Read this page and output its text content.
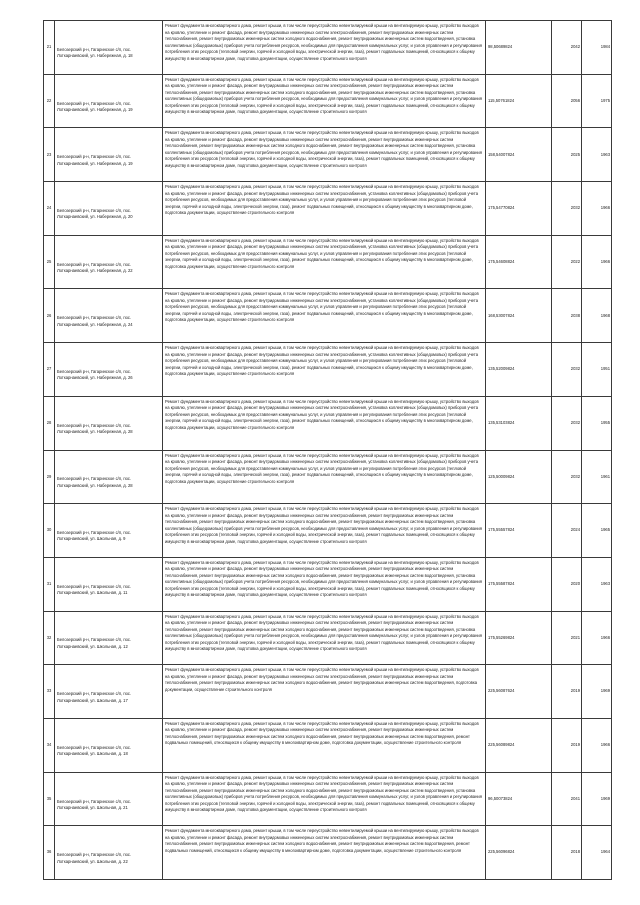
21	Белозерский р-н, Гагаринское с/п, пос. Лоткарнаевский, ул. Набережная, д. 18	Ремонт фундамента многоквартирного дома, ремонт крыши, в том числе переустройство невентилируемой крыши на вентилируемую крышу, устройство выходов на кровлю, утепление и ремонт фасада, ремонт внутридомовых инженерных систем электроснабжения, ремонт внутридомовых инженерных систем теплоснабжения, ремонт внутридомовых инженерных систем холодного водоснабжения, ремонт внутридомовых инженерных систем водоотведения, установка коллективных (общедомовых) приборов учета потребления ресурсов, необходимых для предоставления коммунальных услуг, и узлов управления и регулирования потребления этих ресурсов (тепловой энергии, горячей и холодной воды, электрической энергии, газа), ремонт подвальных помещений, относящихся к общему имуществу в многоквартирном доме, подготовка документации, осуществление строительного контроля	98,50689824	2042	1984
22	Белозерский р-н, Гагаринское с/п, пос. Лоткарнаевский, ул. Набережная, д. 19	Ремонт фундамента многоквартирного дома, ремонт крыши, в том числе переустройство невентилируемой крыши на вентилируемую крышу, устройство выходов на кровлю, утепление и ремонт фасада, ремонт внутридомовых инженерных систем электроснабжения, ремонт внутридомовых инженерных систем теплоснабжения, ремонт внутридомовых инженерных систем холодного водоснабжения, ремонт внутридомовых инженерных систем водоотведения, установка коллективных (общедомовых) приборов учета потребления ресурсов, необходимых для предоставления коммунальных услуг, и узлов управления и регулирования потребления этих ресурсов (тепловой энергии, горячей и холодной воды, электрической энергии, газа), ремонт подвальных помещений, относящихся к общему имуществу в многоквартирном доме, подготовка документации, осуществление строительного контроля	115,50761824	2056	1975
23	Белозерский р-н, Гагаринское с/п, пос. Лоткарнаевский, ул. Набережная, д. 19	Ремонт фундамента многоквартирного дома, ремонт крыши, в том числе переустройство невентилируемой крыши на вентилируемую крышу, устройство выходов на кровлю, утепление и ремонт фасада, ремонт внутридомовых инженерных систем электроснабжения, ремонт внутридомовых инженерных систем теплоснабжения, ремонт внутридомовых инженерных систем холодного водоснабжения, ремонт внутридомовых инженерных систем водоотведения, установка коллективных (общедомовых) приборов учета потребления ресурсов, необходимых для предоставления коммунальных услуг, и узлов управления и регулирования потребления этих ресурсов (тепловой энергии, горячей и холодной воды, электрической энергии, газа), ремонт подвальных помещений, относящихся к общему имуществу в многоквартирном доме, подготовка документации, осуществление строительного контроля	158,54007824	2025	1963
24	Белозерский р-н, Гагаринское с/п, пос. Лоткарнаевский, ул. Набережная, д. 20	Ремонт фундамента многоквартирного дома, ремонт крыши, в том числе переустройство невентилируемой крыши на вентилируемую крышу, устройство выходов на кровлю, утепление и ремонт фасада, ремонт внутридомовых инженерных систем электроснабжения, установка коллективных (общедомовых) приборов учета потребления ресурсов, необходимых для предоставления коммунальных услуг, и узлов управления и регулирования потребления этих ресурсов (тепловой энергии, горячей и холодной воды, электрической энергии, газа), ремонт подвальных помещений, относящихся к общему имуществу в многоквартирном доме, подготовка документации, осуществление строительного контроля	175,54770824	2032	1966
25	Белозерский р-н, Гагаринское с/п, пос. Лоткарнаевский, ул. Набережная, д. 22	Ремонт фундамента многоквартирного дома, ремонт крыши, в том числе переустройство невентилируемой крыши на вентилируемую крышу, устройство выходов на кровлю, утепление и ремонт фасада, ремонт внутридомовых инженерных систем электроснабжения, установка коллективных (общедомовых) приборов учета потребления ресурсов, необходимых для предоставления коммунальных услуг, и узлов управления и регулирования потребления этих ресурсов (тепловой энергии, горячей и холодной воды, электрической энергии, газа), ремонт подвальных помещений, относящихся к общему имуществу в многоквартирном доме, подготовка документации, осуществление строительного контроля	175,54608824	2022	1966
26	Белозерский р-н, Гагаринское с/п, пос. Лоткарнаевский, ул. Набережная, д. 24	Ремонт фундамента многоквартирного дома, ремонт крыши, в том числе переустройство невентилируемой крыши на вентилируемую крышу, устройство выходов на кровлю, утепление и ремонт фасада, ремонт внутридомовых инженерных систем электроснабжения, установка коллективных (общедомовых) приборов учета потребления ресурсов, необходимых для предоставления коммунальных услуг, и узлов управления и регулирования потребления этих ресурсов (тепловой энергии, горячей и холодной воды, электрической энергии, газа), ремонт подвальных помещений, относящихся к общему имуществу в многоквартирном доме, подготовка документации, осуществление строительного контроля	168,53007824	2038	1968
27	Белозерский р-н, Гагаринское с/п, пос. Лоткарнаевский, ул. Набережная, д. 26	Ремонт фундамента многоквартирного дома, ремонт крыши, в том числе переустройство невентилируемой крыши на вентилируемую крышу, устройство выходов на кровлю, утепление и ремонт фасада, ремонт внутридомовых инженерных систем электроснабжения, установка коллективных (общедомовых) приборов учета потребления ресурсов, необходимых для предоставления коммунальных услуг, и узлов управления и регулирования потребления этих ресурсов (тепловой энергии, горячей и холодной воды, электрической энергии, газа), ремонт подвальных помещений, относящихся к общему имуществу в многоквартирном доме, подготовка документации, осуществление строительного контроля	135,52009824	2032	1951
28	Белозерский р-н, Гагаринское с/п, пос. Лоткарнаевский, ул. Набережная, д. 28	Ремонт фундамента многоквартирного дома, ремонт крыши, в том числе переустройство невентилируемой крыши на вентилируемую крышу, устройство выходов на кровлю, утепление и ремонт фасада, ремонт внутридомовых инженерных систем электроснабжения, установка коллективных (общедомовых) приборов учета потребления ресурсов, необходимых для предоставления коммунальных услуг, и узлов управления и регулирования потребления этих ресурсов (тепловой энергии, горячей и холодной воды, электрической энергии, газа), ремонт подвальных помещений, относящихся к общему имуществу в многоквартирном доме, подготовка документации, осуществление строительного контроля	135,53103824	2032	1955
29	Белозерский р-н, Гагаринское с/п, пос. Лоткарнаевский, ул. Набережная, д. 28	Ремонт фундамента многоквартирного дома, ремонт крыши, в том числе переустройство невентилируемой крыши на вентилируемую крышу, устройство выходов на кровлю, утепление и ремонт фасада, ремонт внутридомовых инженерных систем электроснабжения, установка коллективных (общедомовых) приборов учета потребления ресурсов, необходимых для предоставления коммунальных услуг, и узлов управления и регулирования потребления этих ресурсов (тепловой энергии, горячей и холодной воды, электрической энергии, газа), ремонт подвальных помещений, относящихся к общему имуществу в многоквартирном доме, подготовка документации, осуществление строительного контроля	125,50009824	2032	1961
30	Белозерский р-н, Гагаринское с/п, пос. Лоткарнаевский, ул. Школьная, д. 9	Ремонт фундамента многоквартирного дома, ремонт крыши, в том числе переустройство невентилируемой крыши на вентилируемую крышу, устройство выходов на кровлю, утепление и ремонт фасада, ремонт внутридомовых инженерных систем электроснабжения, ремонт внутридомовых инженерных систем теплоснабжения, ремонт внутридомовых инженерных систем холодного водоснабжения, ремонт внутридомовых инженерных систем водоотведения, установка коллективных (общедомовых) приборов учета потребления ресурсов, необходимых для предоставления коммунальных услуг, и узлов управления и регулирования потребления этих ресурсов (тепловой энергии, горячей и холодной воды, электрической энергии, газа), ремонт подвальных помещений, относящихся к общему имуществу в многоквартирном доме, подготовка документации, осуществление строительного контроля	175,55557824	2024	1965
31	Белозерский р-н, Гагаринское с/п, пос. Лоткарнаевский, ул. Школьная, д. 11	Ремонт фундамента многоквартирного дома, ремонт крыши, в том числе переустройство невентилируемой крыши на вентилируемую крышу, устройство выходов на кровлю, утепление и ремонт фасада, ремонт внутридомовых инженерных систем электроснабжения, ремонт внутридомовых инженерных систем теплоснабжения, ремонт внутридомовых инженерных систем холодного водоснабжения, ремонт внутридомовых инженерных систем водоотведения, установка коллективных (общедомовых) приборов учета потребления ресурсов, необходимых для предоставления коммунальных услуг, и узлов управления и регулирования потребления этих ресурсов (тепловой энергии, горячей и холодной воды, электрической энергии, газа), ремонт подвальных помещений, относящихся к общему имуществу в многоквартирном доме, подготовка документации, осуществление строительного контроля	175,55587824	2020	1963
32	Белозерский р-н, Гагаринское с/п, пос. Лоткарнаевский, ул. Школьная, д. 12	Ремонт фундамента многоквартирного дома, ремонт крыши, в том числе переустройство невентилируемой крыши на вентилируемую крышу, устройство выходов на кровлю, утепление и ремонт фасада, ремонт внутридомовых инженерных систем электроснабжения, ремонт внутридомовых инженерных систем теплоснабжения, ремонт внутридомовых инженерных систем холодного водоснабжения, ремонт внутридомовых инженерных систем водоотведения, установка коллективных (общедомовых) приборов учета потребления ресурсов, необходимых для предоставления коммунальных услуг, и узлов управления и регулирования потребления этих ресурсов (тепловой энергии, горячей и холодной воды, электрической энергии, газа), ремонт подвальных помещений, относящихся к общему имуществу в многоквартирном доме, подготовка документации, осуществление строительного контроля	175,55269824	2021	1966
33	Белозерский р-н, Гагаринское с/п, пос. Лоткарнаевский, ул. Школьная, д. 17	Ремонт фундамента многоквартирного дома, ремонт крыши, в том числе переустройство невентилируемой крыши на вентилируемую крышу, устройство выходов на кровлю, утепление и ремонт фасада, ремонт внутридомовых инженерных систем электроснабжения, ремонт внутридомовых инженерных систем теплоснабжения, ремонт внутридомовых инженерных систем холодного водоснабжения, ремонт внутридомовых инженерных систем водоотведения, подготовка документации, осуществление строительного контроля	225,56087624	2019	1969
34	Белозерский р-н, Гагаринское с/п, пос. Лоткарнаевский, ул. Школьная, д. 18	Ремонт фундамента многоквартирного дома, ремонт крыши, в том числе переустройство невентилируемой крыши на вентилируемую крышу, устройство выходов на кровлю, утепление и ремонт фасада, ремонт внутридомовых инженерных систем электроснабжения, ремонт внутридомовых инженерных систем теплоснабжения, ремонт внутридомовых инженерных систем холодного водоснабжения, ремонт внутридомовых инженерных систем водоотведения, ремонт подвальных помещений, относящихся к общему имуществу в многоквартирном доме, подготовка документации, осуществление строительного контроля	225,56089824	2019	1966
35	Белозерский р-н, Гагаринское с/п, пос. Лоткарнаевский, ул. Школьная, д. 21	Ремонт фундамента многоквартирного дома, ремонт крыши, в том числе переустройство невентилируемой крыши на вентилируемую крышу, устройство выходов на кровлю, утепление и ремонт фасада, ремонт внутридомовых инженерных систем электроснабжения, ремонт внутридомовых инженерных систем теплоснабжения, ремонт внутридомовых инженерных систем холодного водоснабжения, ремонт внутридомовых инженерных систем водоотведения, установка коллективных (общедомовых) приборов учета потребления ресурсов, необходимых для предоставления коммунальных услуг, и узлов управления и регулирования потребления этих ресурсов (тепловой энергии, горячей и холодной воды, электрической энергии, газа), ремонт подвальных помещений, относящихся к общему имуществу в многоквартирном доме, подготовка документации, осуществление строительного контроля	96,50073824	2041	1969
36	Белозерский р-н, Гагаринское с/п, пос. Лоткарнаевский, ул. Школьная, д. 22	Ремонт фундамента многоквартирного дома, ремонт крыши, в том числе переустройство невентилируемой крыши на вентилируемую крышу, устройство выходов на кровлю, утепление и ремонт фасада, ремонт внутридомовых инженерных систем электроснабжения, ремонт внутридомовых инженерных систем теплоснабжения, ремонт внутридомовых инженерных систем холодного водоснабжения, ремонт внутридомовых инженерных систем водоотведения, ремонт подвальных помещений, относящихся к общему имуществу в многоквартирном доме, подготовка документации, осуществление строительного контроля	225,56096824	2018	1964
